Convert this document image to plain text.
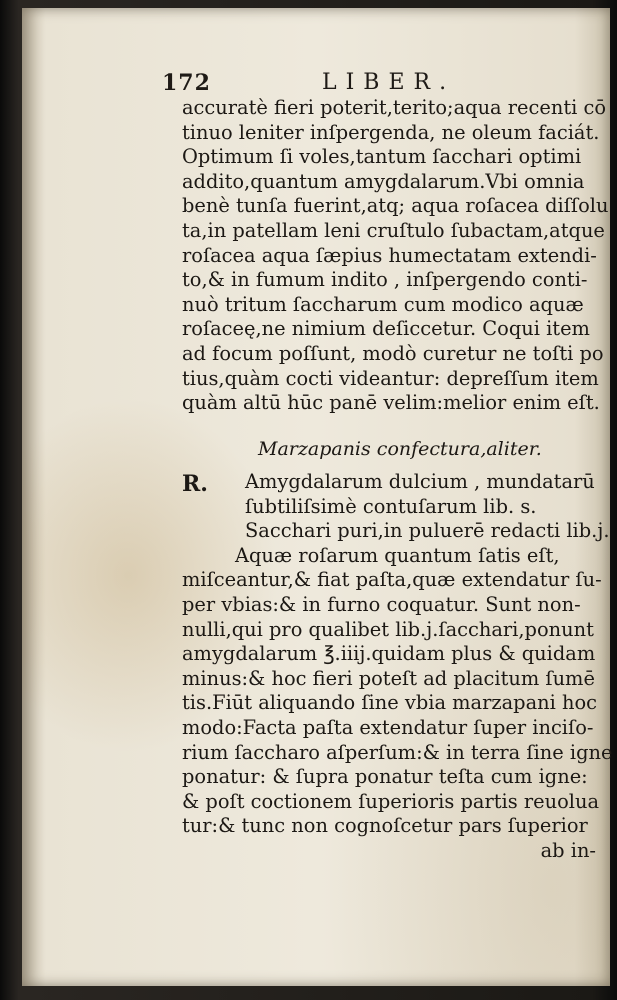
172	LIBER.
accuratè fieri poterit,terito;aqua recenti cō
tinuo leniter inſpergenda, ne oleum faciát.
Optimum ſi voles,tantum ſacchari optimi
addito,quantum amygdalarum.Vbi omnia
benè tunſa fuerint,atq; aqua roſacea diſſolu
ta,in patellam leni cruſtulo ſubactam,atque
roſacea aqua ſæpius humectatam extendi-
to,& in fumum indito , inſpergendo conti-
nuò tritum ſaccharum cum modico aquæ
roſaceę,ne nimium deſiccetur. Coqui item
ad focum poſſunt, modò curetur ne toſti po
tius,quàm cocti videantur: depreſſum item
quàm altū hūc panē velim:melior enim eſt.
Marzapanis confectura,aliter.
R.	Amygdalarum dulcium , mundatarū
ſubtiliſsimè contuſarum lib. s.
Sacchari puri,in puluerē redacti lib.j.
Aquæ roſarum quantum ſatis eſt,
miſceantur,& fiat paſta,quæ extendatur ſu-
per vbias:& in furno coquatur. Sunt non-
nulli,qui pro qualibet lib.j.ſacchari,ponunt
amygdalarum ℥.iiij.quidam plus & quidam
minus:& hoc fieri poteſt ad placitum ſumē
tis.Fiūt aliquando ſine vbia marzapani hoc
modo:Facta paſta extendatur ſuper inciſo-
rium ſaccharo aſperſum:& in terra ſine igne
ponatur: & ſupra ponatur teſta cum igne:
& poſt coctionem ſuperioris partis reuolua
tur:& tunc non cognoſcetur pars ſuperior
ab in-
